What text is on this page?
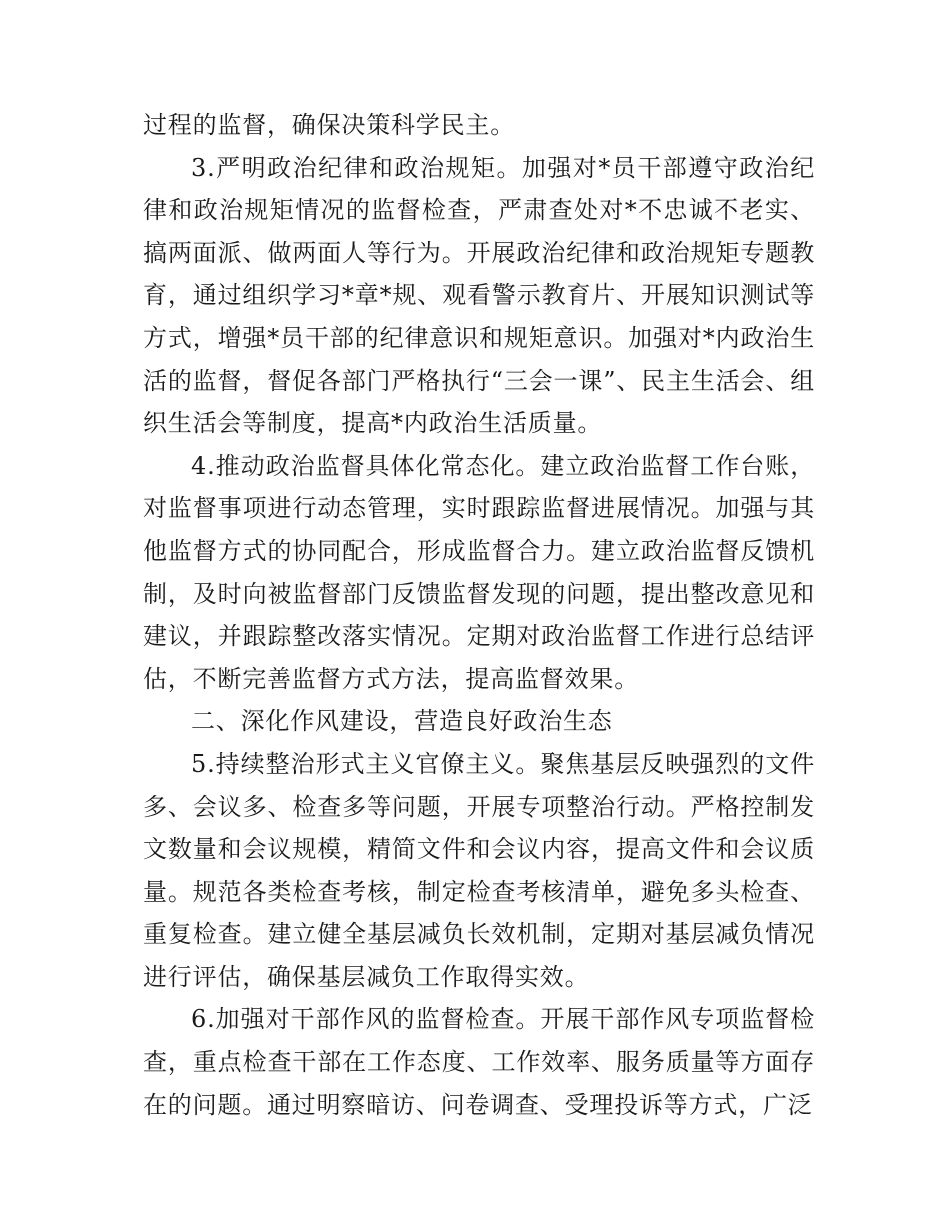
过程的监督，确保决策科学民主。

3.严明政治纪律和政治规矩。加强对*员干部遵守政治纪律和政治规矩情况的监督检查，严肃查处对*不忠诚不老实、搞两面派、做两面人等行为。开展政治纪律和政治规矩专题教育，通过组织学习*章*规、观看警示教育片、开展知识测试等方式，增强*员干部的纪律意识和规矩意识。加强对*内政治生活的监督，督促各部门严格执行“三会一课”、民主生活会、组织生活会等制度，提高*内政治生活质量。

4.推动政治监督具体化常态化。建立政治监督工作台账，对监督事项进行动态管理，实时跟踪监督进展情况。加强与其他监督方式的协同配合，形成监督合力。建立政治监督反馈机制，及时向被监督部门反馈监督发现的问题，提出整改意见和建议，并跟踪整改落实情况。定期对政治监督工作进行总结评估，不断完善监督方式方法，提高监督效果。

二、深化作风建设，营造良好政治生态

5.持续整治形式主义官僚主义。聚焦基层反映强烈的文件多、会议多、检查多等问题，开展专项整治行动。严格控制发文数量和会议规模，精简文件和会议内容，提高文件和会议质量。规范各类检查考核，制定检查考核清单，避免多头检查、重复检查。建立健全基层减负长效机制，定期对基层减负情况进行评估，确保基层减负工作取得实效。

6.加强对干部作风的监督检查。开展干部作风专项监督检查，重点检查干部在工作态度、工作效率、服务质量等方面存在的问题。通过明察暗访、问卷调查、受理投诉等方式，广泛
